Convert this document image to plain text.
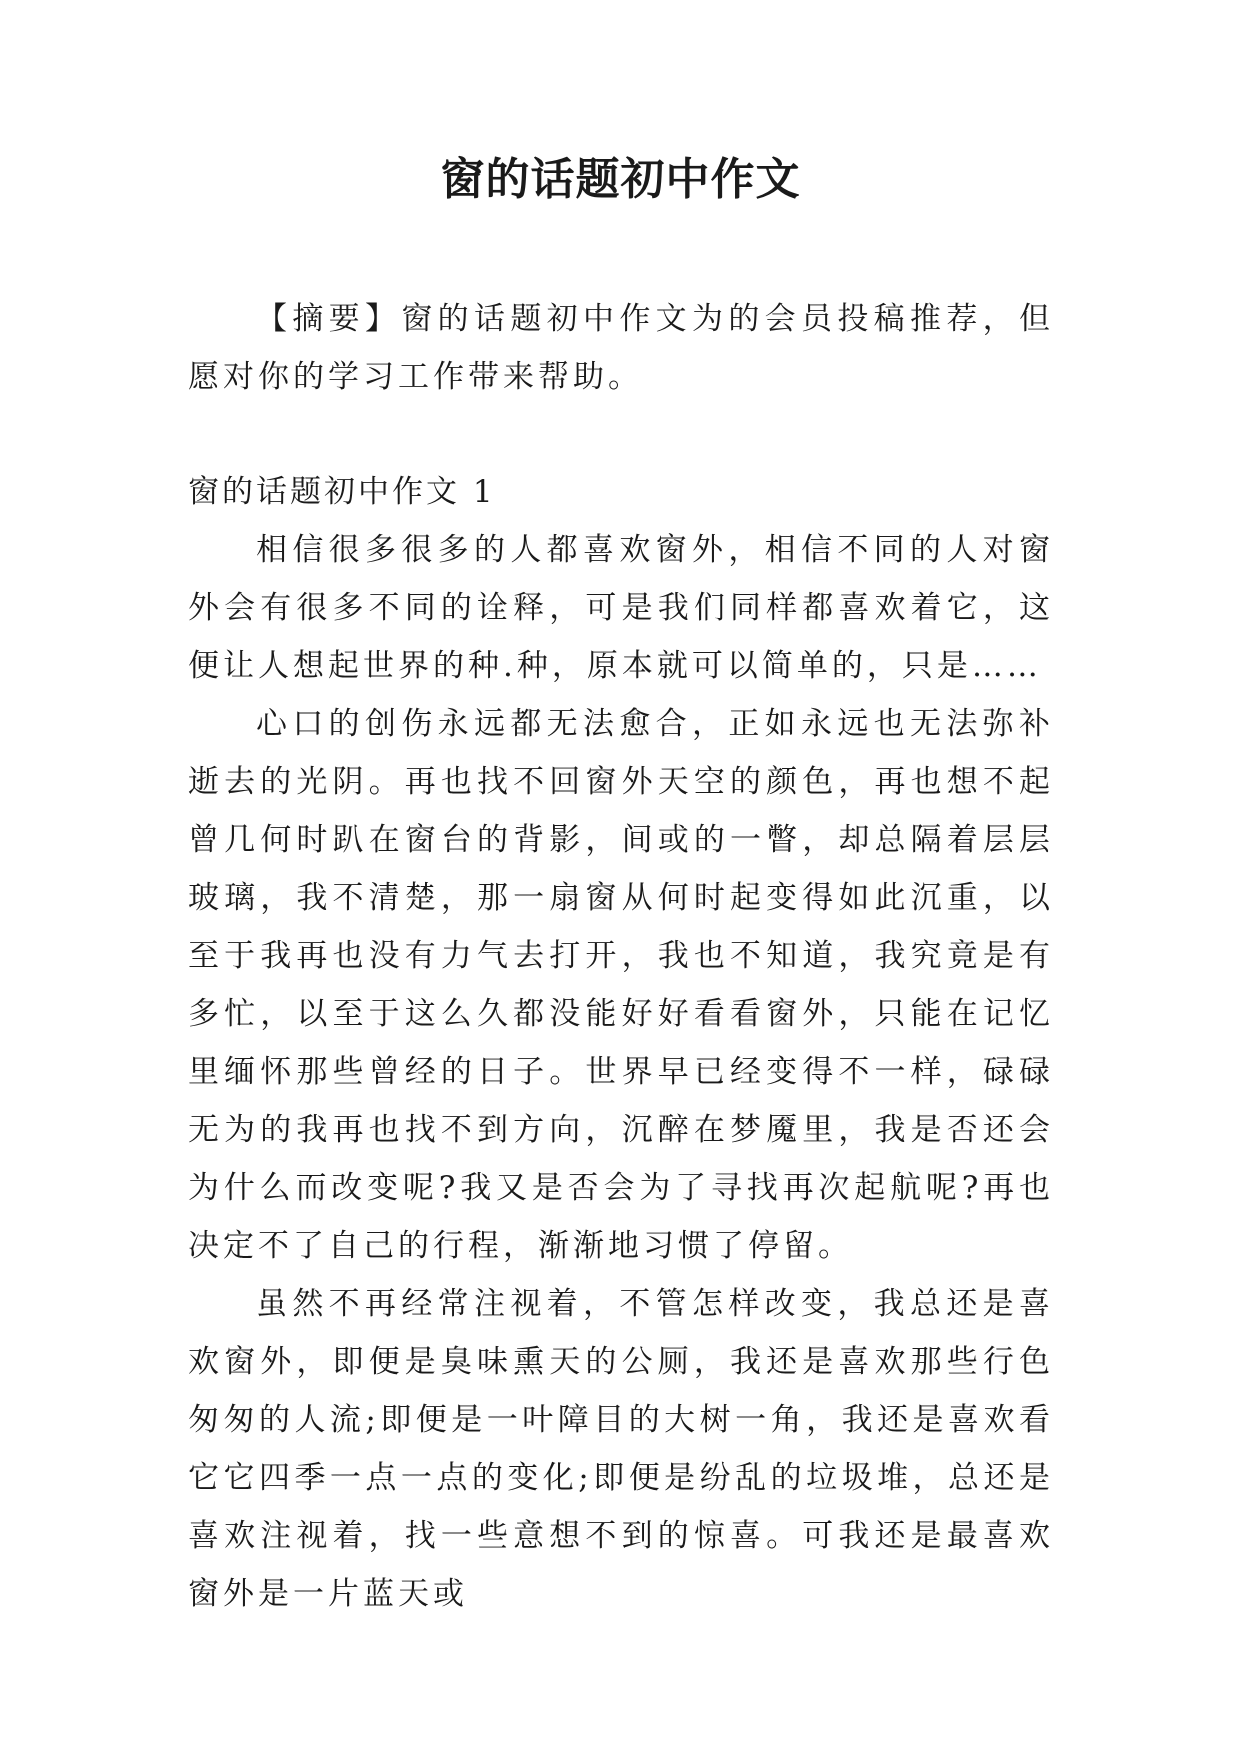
窗的话题初中作文

【摘要】窗的话题初中作文为的会员投稿推荐，但愿对你的学习工作带来帮助。

窗的话题初中作文 1

相信很多很多的人都喜欢窗外，相信不同的人对窗外会有很多不同的诠释，可是我们同样都喜欢着它，这便让人想起世界的种.种，原本就可以简单的，只是……

心口的创伤永远都无法愈合，正如永远也无法弥补逝去的光阴。再也找不回窗外天空的颜色，再也想不起曾几何时趴在窗台的背影，间或的一瞥，却总隔着层层玻璃，我不清楚，那一扇窗从何时起变得如此沉重，以至于我再也没有力气去打开，我也不知道，我究竟是有多忙，以至于这么久都没能好好看看窗外，只能在记忆里缅怀那些曾经的日子。世界早已经变得不一样，碌碌无为的我再也找不到方向，沉醉在梦魇里，我是否还会为什么而改变呢?我又是否会为了寻找再次起航呢?再也决定不了自己的行程，渐渐地习惯了停留。

虽然不再经常注视着，不管怎样改变，我总还是喜欢窗外，即便是臭味熏天的公厕，我还是喜欢那些行色匆匆的人流;即便是一叶障目的大树一角，我还是喜欢看它它四季一点一点的变化;即便是纷乱的垃圾堆，总还是喜欢注视着，找一些意想不到的惊喜。可我还是最喜欢窗外是一片蓝天或
